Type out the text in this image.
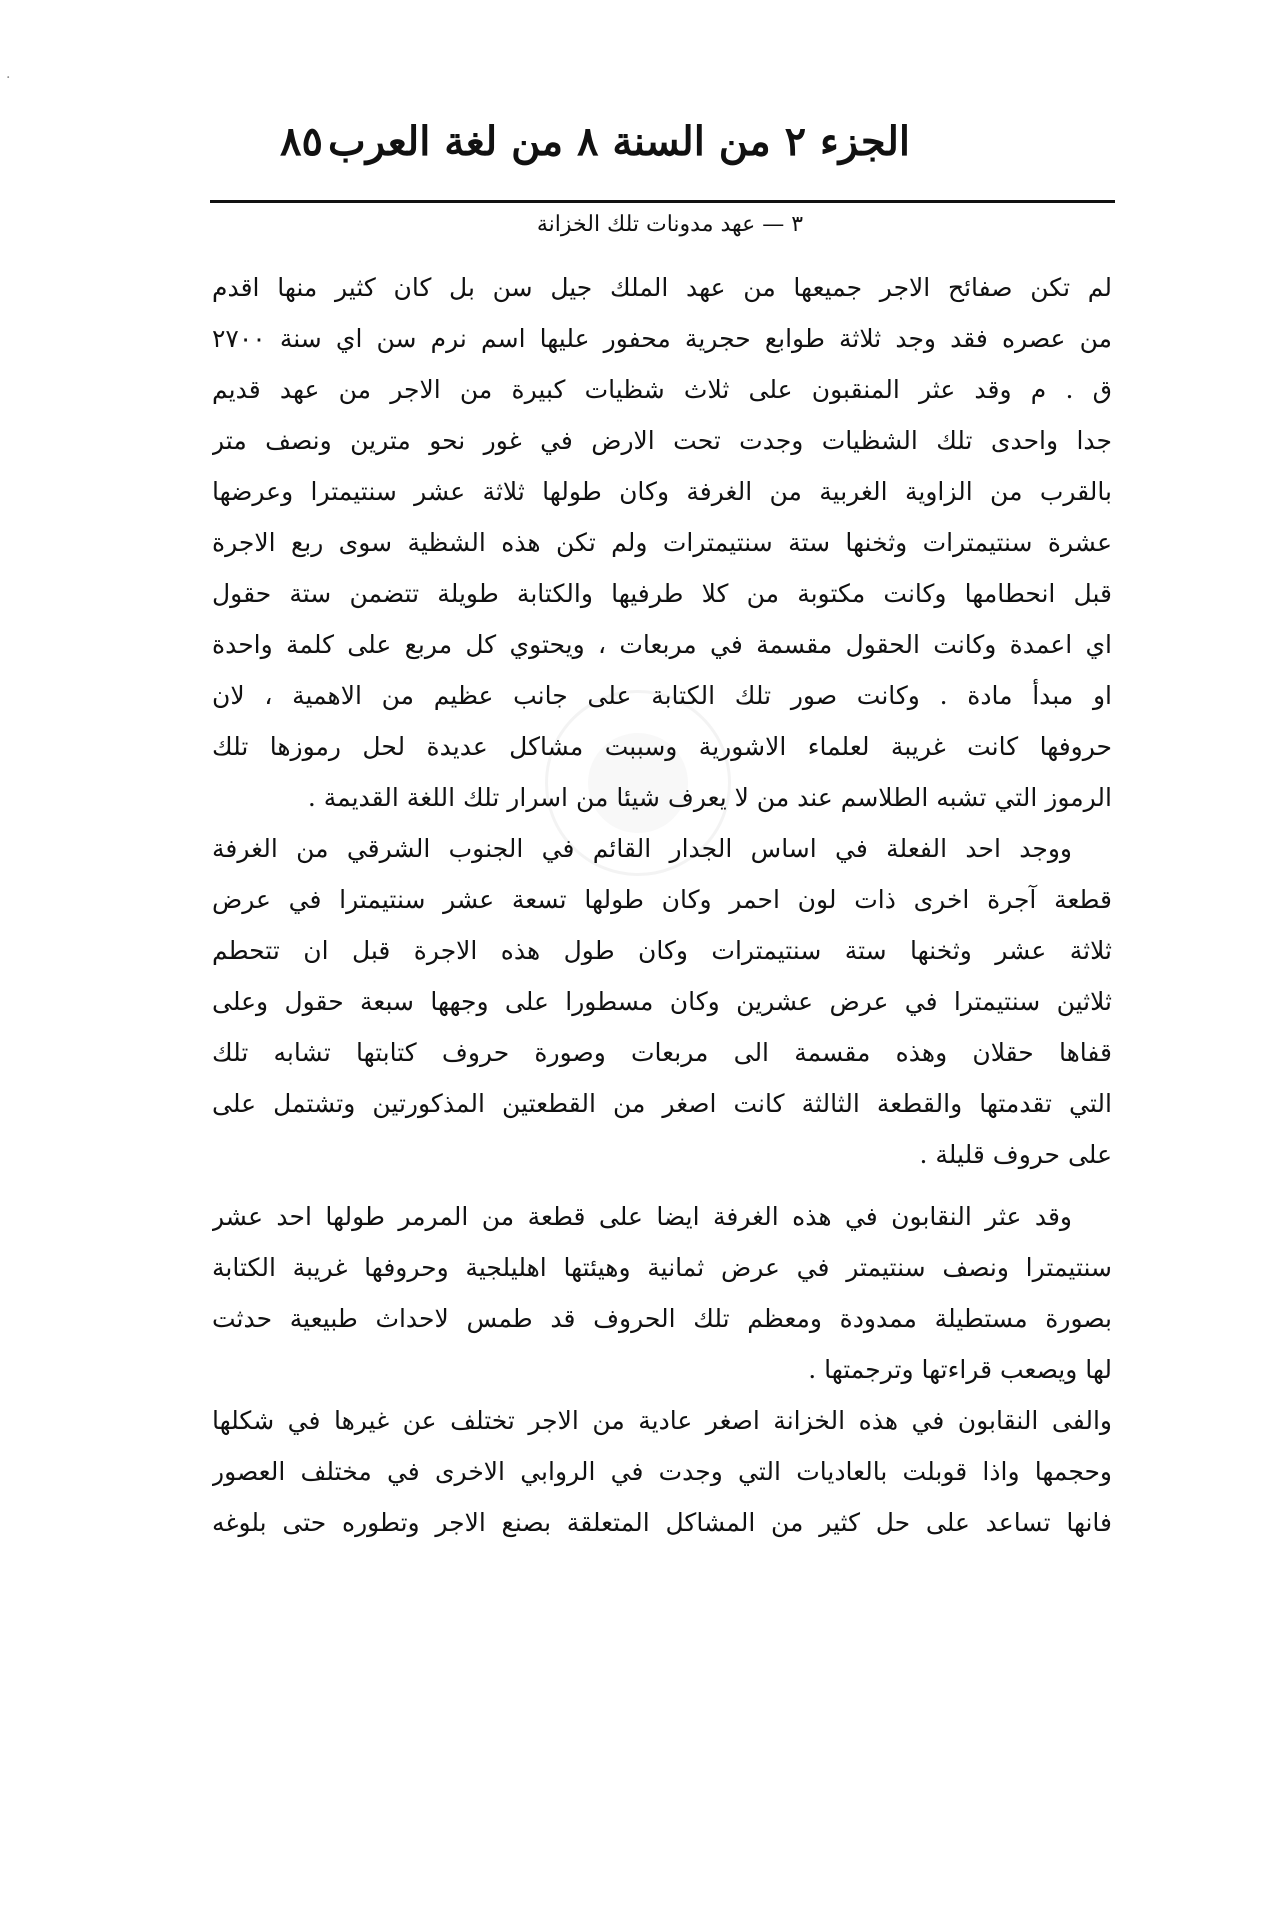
·
الجزء ٢ من السنة ٨ من لغة العرب
٨٥
٣ — عهد مدونات تلك الخزانة
لم تكن صفائح الاجر جميعها من عهد الملك جيل سن بل كان كثير منها اقدم
من عصره فقد وجد ثلاثة طوابع حجرية محفور عليها اسم نرم سن اي سنة ٢٧٠٠
ق . م وقد عثر المنقبون على ثلاث شظيات كبيرة من الاجر من عهد قديم
جدا واحدى تلك الشظيات وجدت تحت الارض في غور نحو مترين ونصف متر
بالقرب من الزاوية الغربية من الغرفة وكان طولها ثلاثة عشر سنتيمترا وعرضها
عشرة سنتيمترات وثخنها ستة سنتيمترات ولم تكن هذه الشظية سوى ربع الاجرة
قبل انحطامها وكانت مكتوبة من كلا طرفيها والكتابة طويلة تتضمن ستة حقول
اي اعمدة وكانت الحقول مقسمة في مربعات ، ويحتوي كل مربع على كلمة واحدة
او مبدأ مادة . وكانت صور تلك الكتابة على جانب عظيم من الاهمية ، لان
حروفها كانت غريبة لعلماء الاشورية وسببت مشاكل عديدة لحل رموزها تلك
الرموز التي تشبه الطلاسم عند من لا يعرف شيئا من اسرار تلك اللغة القديمة .
ووجد احد الفعلة في اساس الجدار القائم في الجنوب الشرقي من الغرفة
قطعة آجرة اخرى ذات لون احمر وكان طولها تسعة عشر سنتيمترا في عرض
ثلاثة عشر وثخنها ستة سنتيمترات وكان طول هذه الاجرة قبل ان تتحطم
ثلاثين سنتيمترا في عرض عشرين وكان مسطورا على وجهها سبعة حقول وعلى
قفاها حقلان وهذه مقسمة الى مربعات وصورة حروف كتابتها تشابه تلك
التي تقدمتها والقطعة الثالثة كانت اصغر من القطعتين المذكورتين وتشتمل على
على حروف قليلة .
وقد عثر النقابون في هذه الغرفة ايضا على قطعة من المرمر طولها احد عشر
سنتيمترا ونصف سنتيمتر في عرض ثمانية وهيئتها اهليلجية وحروفها غريبة الكتابة
بصورة مستطيلة ممدودة ومعظم تلك الحروف قد طمس لاحداث طبيعية حدثت
لها ويصعب قراءتها وترجمتها .
والفى النقابون في هذه الخزانة اصغر عادية من الاجر تختلف عن غيرها في شكلها
وحجمها واذا قوبلت بالعاديات التي وجدت في الروابي الاخرى في مختلف العصور
فانها تساعد على حل كثير من المشاكل المتعلقة بصنع الاجر وتطوره حتى بلوغه
